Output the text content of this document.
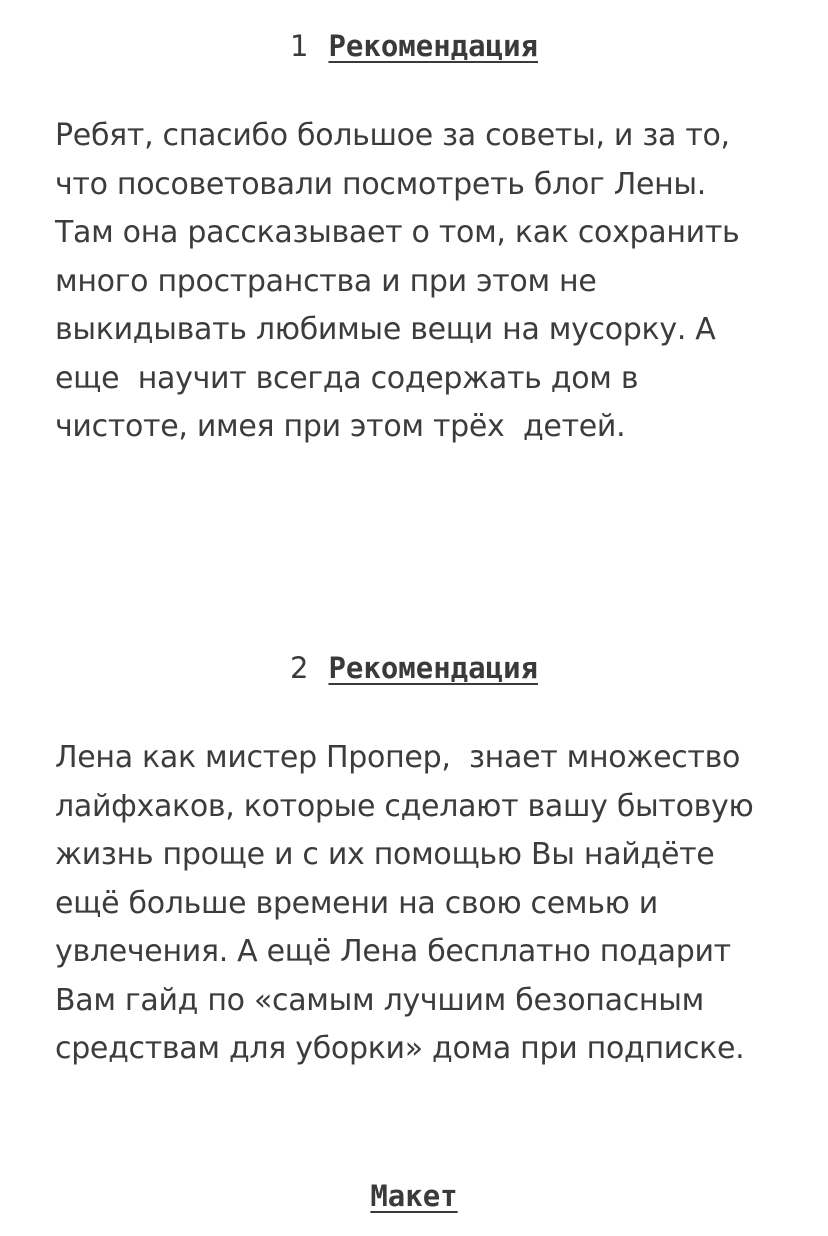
1 Рекомендация

Ребят, спасибо большое за советы, и за то,
что посоветовали посмотреть блог Лены.
Там она рассказывает о том, как сохранить
много пространства и при этом не
выкидывать любимые вещи на мусорку. А
еще  научит всегда содержать дом в
чистоте, имея при этом трёх  детей.

2 Рекомендация

Лена как мистер Пропер,  знает множество
лайфхаков, которые сделают вашу бытовую
жизнь проще и с их помощью Вы найдёте
ещё больше времени на свою семью и
увлечения. А ещё Лена бесплатно подарит
Вам гайд по «самым лучшим безопасным
средствам для уборки» дома при подписке.

Макет
